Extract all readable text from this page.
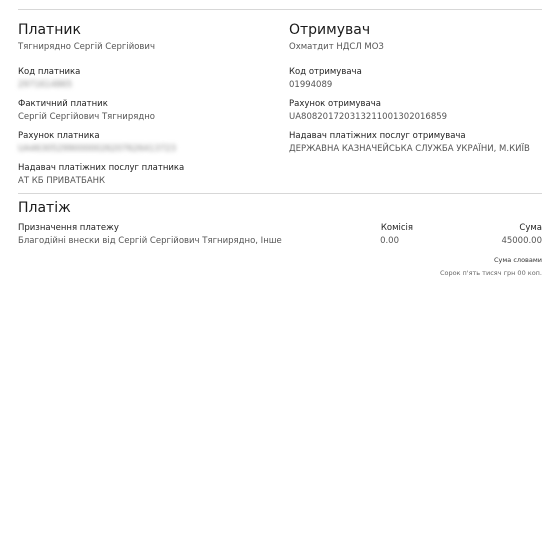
Платник
Тягнирядно Сергій Сергійович
Код платника
2971614865
Фактичний платник
Сергій Сергійович Тягнирядно
Рахунок платника
UA463052990000026207626413723
Надавач платіжних послуг платника
АТ КБ ПРИВАТБАНК
Отримувач
Охматдит НДСЛ МОЗ
Код отримувача
01994089
Рахунок отримувача
UA808201720313211001302016859
Надавач платіжних послуг отримувача
ДЕРЖАВНА КАЗНАЧЕЙСЬКА СЛУЖБА УКРАЇНИ, М.КИЇВ
Платіж
Призначення платежу
Благодійні внески від Сергій Сергійович Тягнирядно, Інше
Комісія
0.00
Сума
45000.00
Сума словами
Сорок п'ять тисяч грн 00 коп.
